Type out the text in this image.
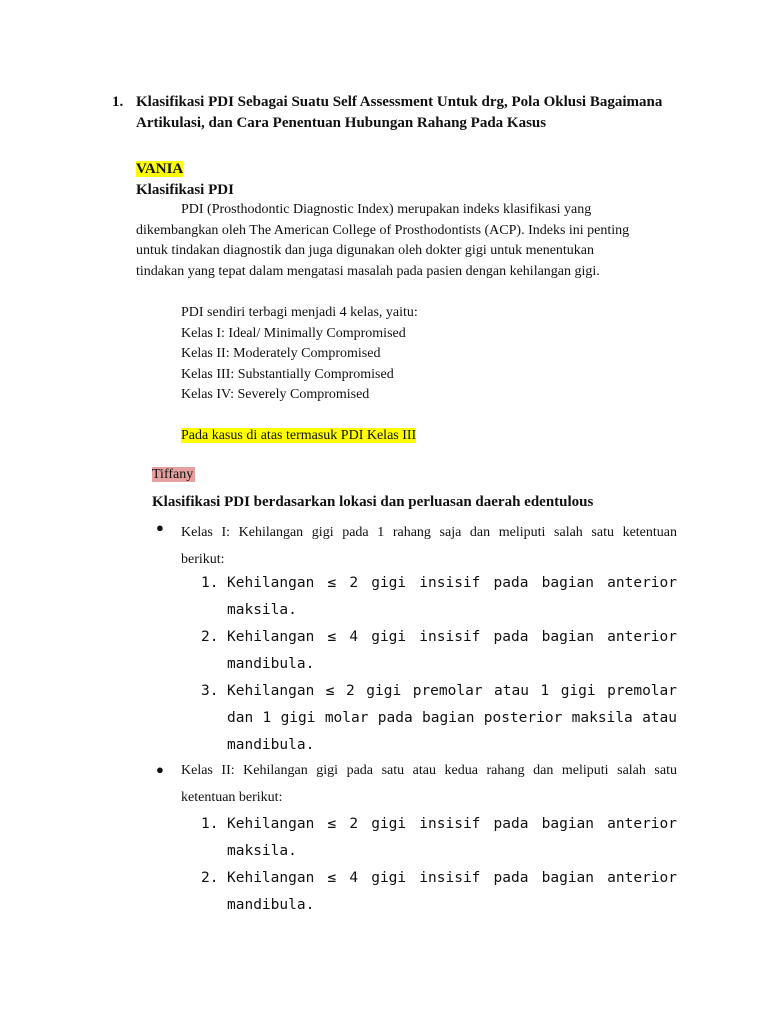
1. Klasifikasi PDI Sebagai Suatu Self Assessment Untuk drg, Pola Oklusi Bagaimana
Artikulasi, dan Cara Penentuan Hubungan Rahang Pada Kasus
VANIA
Klasifikasi PDI
PDI (Prosthodontic Diagnostic Index) merupakan indeks klasifikasi yang
dikembangkan oleh The American College of Prosthodontists (ACP). Indeks ini penting
untuk tindakan diagnostik dan juga digunakan oleh dokter gigi untuk menentukan
tindakan yang tepat dalam mengatasi masalah pada pasien dengan kehilangan gigi.
PDI sendiri terbagi menjadi 4 kelas, yaitu:
Kelas I: Ideal/ Minimally Compromised
Kelas II: Moderately Compromised
Kelas III: Substantially Compromised
Kelas IV: Severely Compromised
Pada kasus di atas termasuk PDI Kelas III
Tiffany
Klasifikasi PDI berdasarkan lokasi dan perluasan daerah edentulous
● Kelas I: Kehilangan gigi pada 1 rahang saja dan meliputi salah satu ketentuan
berikut:
1. Kehilangan ≤ 2 gigi insisif pada bagian anterior
maksila.
2. Kehilangan ≤ 4 gigi insisif pada bagian anterior
mandibula.
3. Kehilangan ≤ 2 gigi premolar atau 1 gigi premolar
dan 1 gigi molar pada bagian posterior maksila atau
mandibula.
● Kelas II: Kehilangan gigi pada satu atau kedua rahang dan meliputi salah satu
ketentuan berikut:
1. Kehilangan ≤ 2 gigi insisif pada bagian anterior
maksila.
2. Kehilangan ≤ 4 gigi insisif pada bagian anterior
mandibula.
